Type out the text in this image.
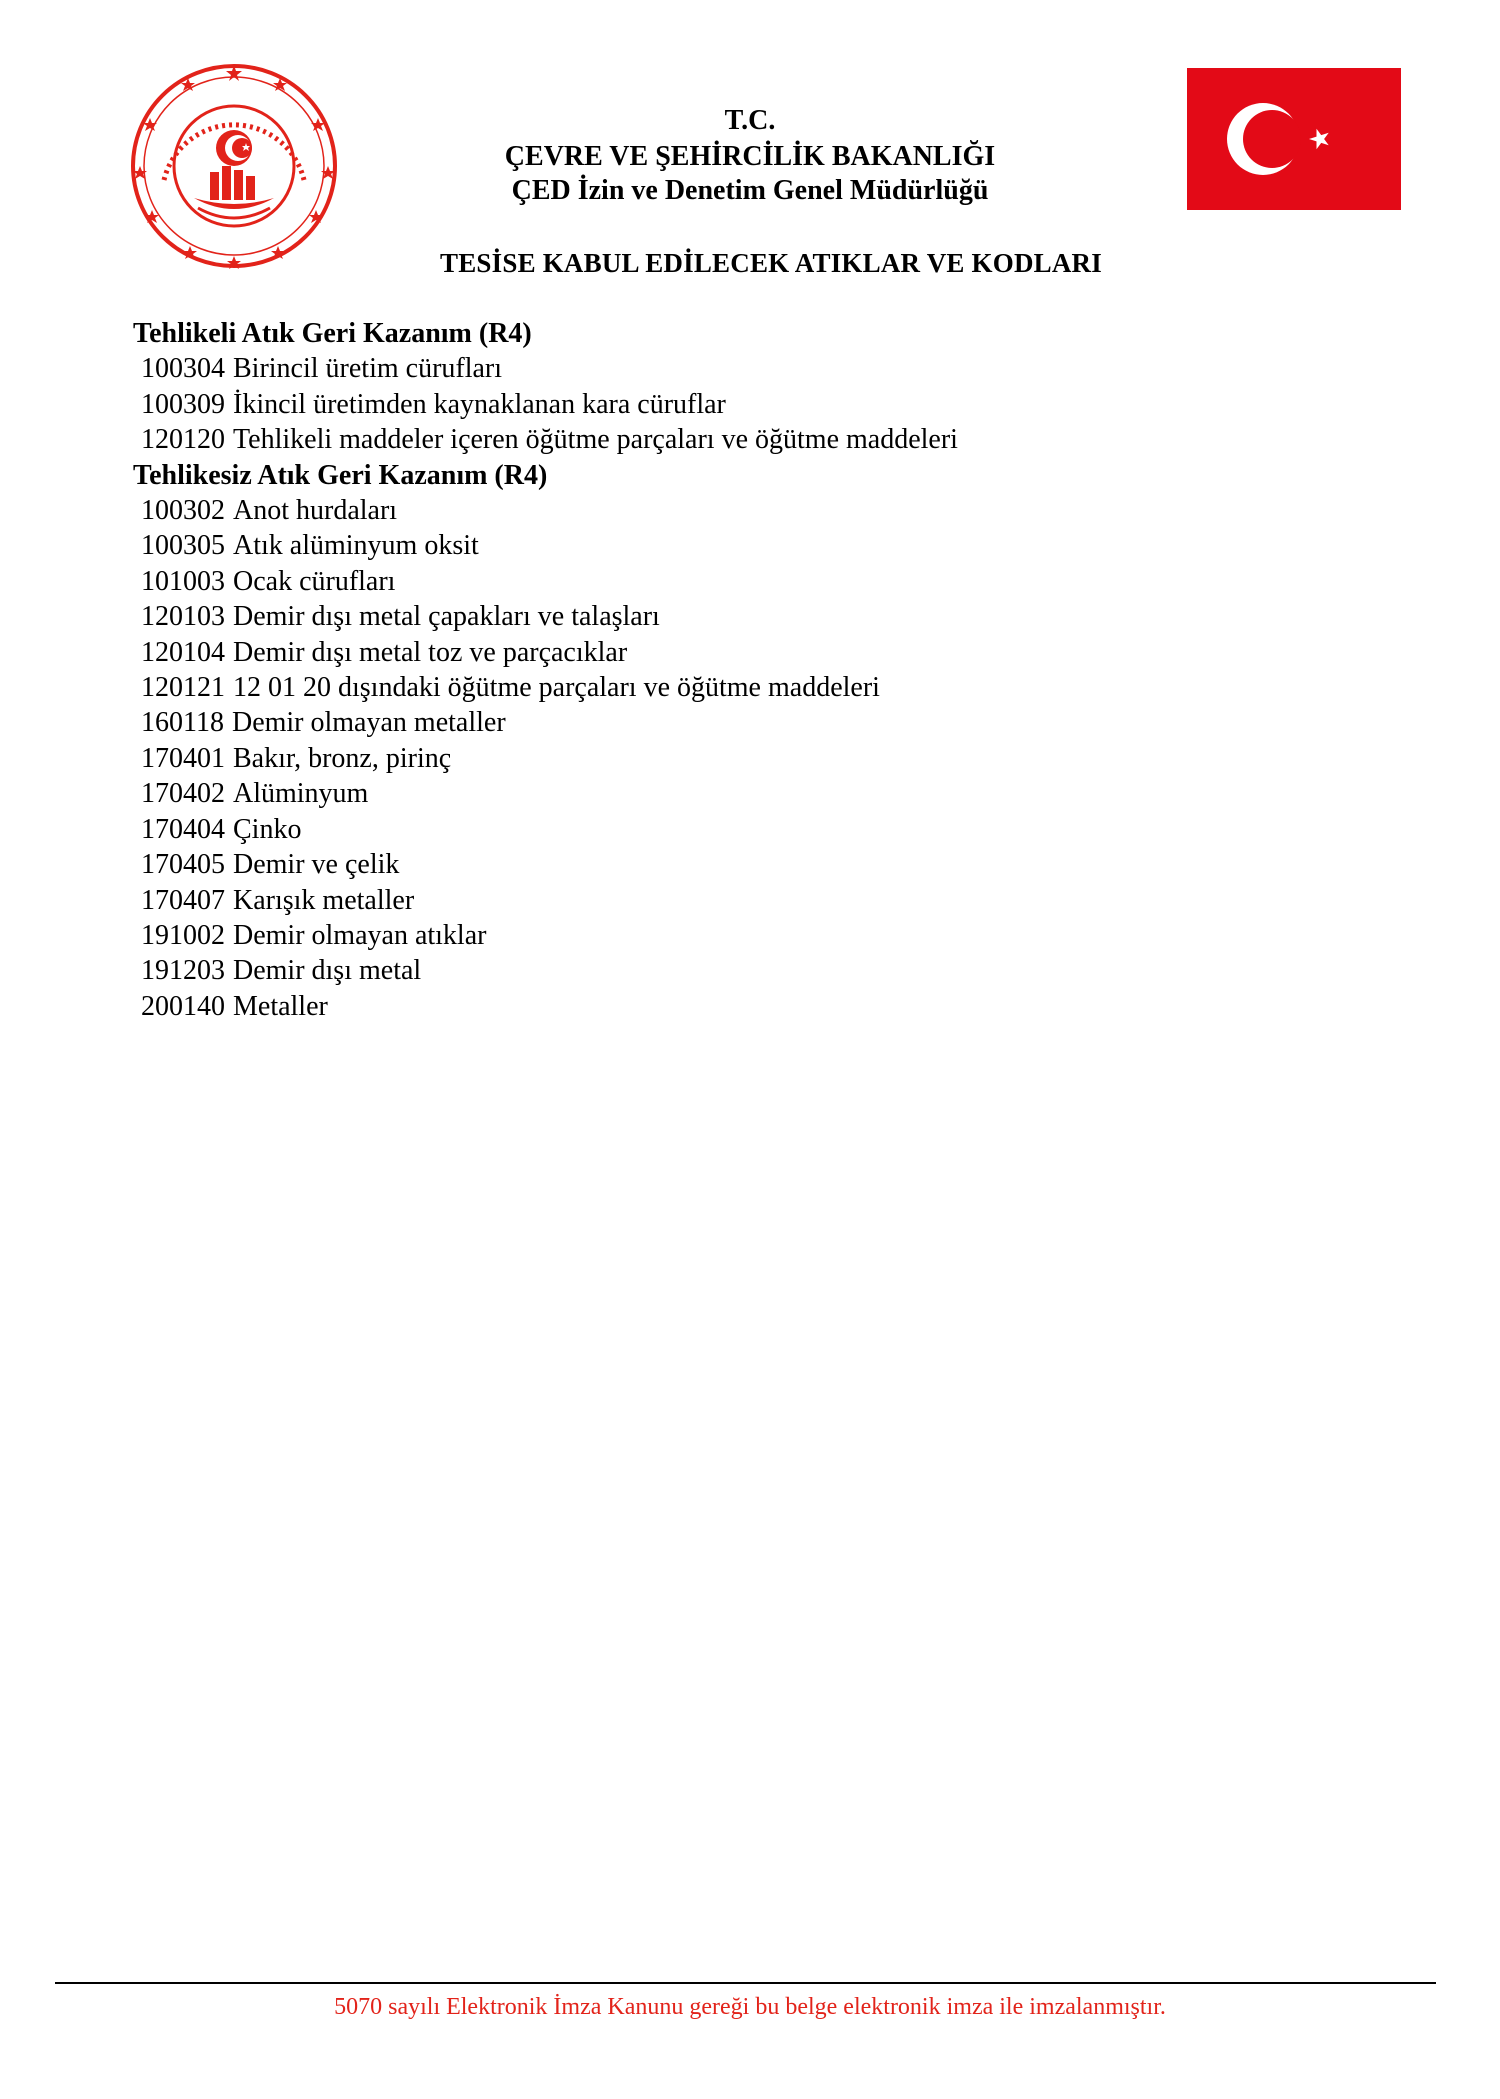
T.C.
ÇEVRE VE ŞEHİRCİLİK BAKANLIĞI
ÇED İzin ve Denetim Genel Müdürlüğü
TESİSE KABUL EDİLECEK ATIKLAR VE KODLARI
Tehlikeli Atık Geri Kazanım (R4)
100304 Birincil üretim cürufları
100309 İkincil üretimden kaynaklanan kara cüruflar
120120 Tehlikeli maddeler içeren öğütme parçaları ve öğütme maddeleri
Tehlikesiz Atık Geri Kazanım (R4)
100302 Anot hurdaları
100305 Atık alüminyum oksit
101003 Ocak cürufları
120103 Demir dışı metal çapakları ve talaşları
120104 Demir dışı metal toz ve parçacıklar
120121 12 01 20 dışındaki öğütme parçaları ve öğütme maddeleri
160118 Demir olmayan metaller
170401 Bakır, bronz, pirinç
170402 Alüminyum
170404 Çinko
170405 Demir ve çelik
170407 Karışık metaller
191002 Demir olmayan atıklar
191203 Demir dışı metal
200140 Metaller
5070 sayılı Elektronik İmza Kanunu gereği bu belge elektronik imza ile imzalanmıştır.
